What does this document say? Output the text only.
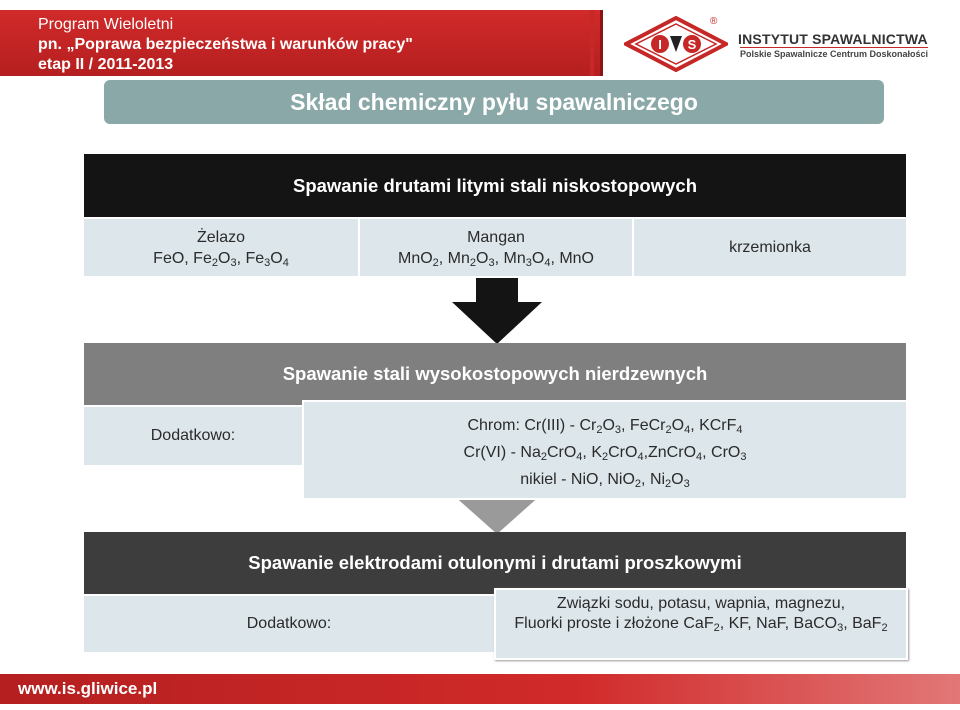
Program Wieloletni
pn. „Poprawa bezpieczeństwa i warunków pracy"
etap II / 2011-2013
I S
®
INSTYTUT SPAWALNICTWA
Polskie Spawalnicze Centrum Doskonałości
Skład chemiczny pyłu spawalniczego
Spawanie drutami litymi stali niskostopowych
Żelazo
FeO, $Fe_2O_3$, $Fe_3O_4$
Mangan
MnO$_2$, $Mn_2O_3$, $Mn_3O_4$, MnO
krzemionka
Spawanie stali wysokostopowych nierdzewnych
Dodatkowo:
Chrom: $Cr(III) - Cr_2O_3$, $FeCr_2O_4$, KCrF$_4$
$Cr(VI) - Na_2CrO_4$, $K_2CrO_4,ZnCrO_4$, CrO$_3$
nikiel - NiO, NiO$_2$, $Ni_2O_3$
Spawanie elektrodami otulonymi i drutami proszkowymi
Dodatkowo:
Związki sodu, potasu, wapnia, magnezu,
Fluorki proste i złożone CaF$_2$, KF, NaF, BaCO$_3$, BaF$_2$
www.is.gliwice.pl
